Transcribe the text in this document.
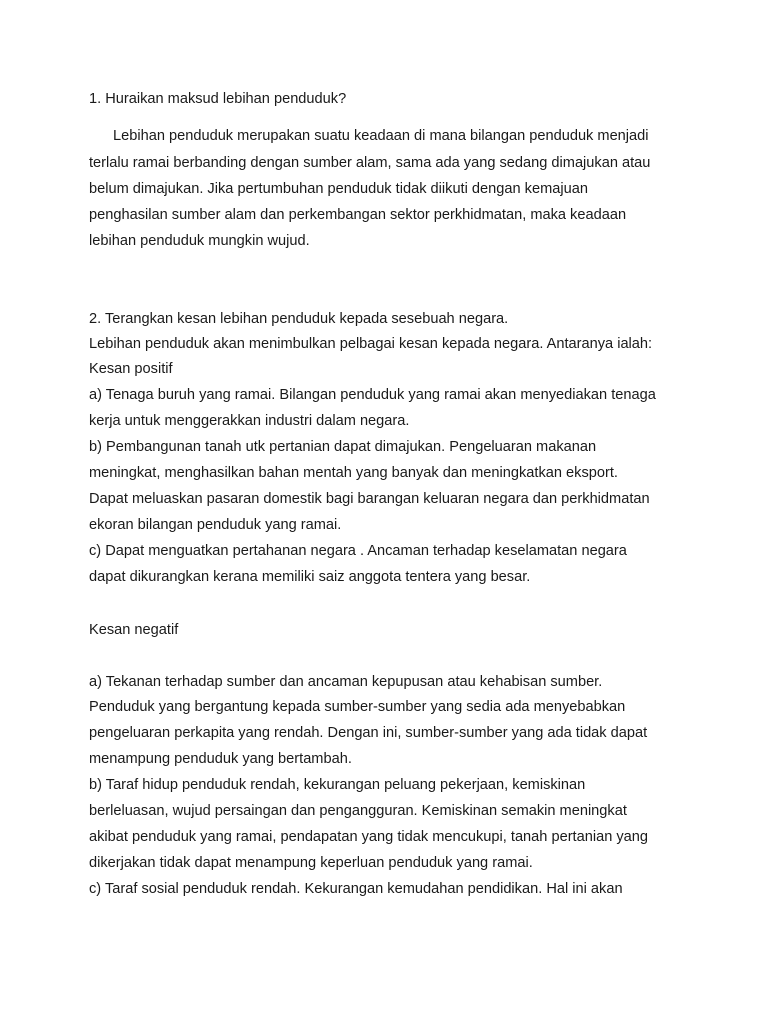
1. Huraikan maksud lebihan penduduk?
Lebihan penduduk merupakan suatu keadaan di mana bilangan penduduk menjadi
terlalu ramai berbanding dengan sumber alam, sama ada yang sedang dimajukan atau
belum dimajukan. Jika pertumbuhan penduduk tidak diikuti dengan kemajuan
penghasilan sumber alam dan perkembangan sektor perkhidmatan, maka keadaan
lebihan penduduk mungkin wujud.
2. Terangkan kesan lebihan penduduk kepada sesebuah negara.
Lebihan penduduk akan menimbulkan pelbagai kesan kepada negara. Antaranya ialah:
Kesan positif
a) Tenaga buruh yang ramai. Bilangan penduduk yang ramai akan menyediakan tenaga
kerja untuk menggerakkan industri dalam negara.
b) Pembangunan tanah utk pertanian dapat dimajukan. Pengeluaran makanan
meningkat, menghasilkan bahan mentah yang banyak dan meningkatkan eksport.
Dapat meluaskan pasaran domestik bagi barangan keluaran negara dan perkhidmatan
ekoran bilangan penduduk yang ramai.
c) Dapat menguatkan pertahanan negara . Ancaman terhadap keselamatan negara
dapat dikurangkan kerana memiliki saiz anggota tentera yang besar.
Kesan negatif
a) Tekanan terhadap sumber dan ancaman kepupusan atau kehabisan sumber.
Penduduk yang bergantung kepada sumber-sumber yang sedia ada menyebabkan
pengeluaran perkapita yang rendah. Dengan ini, sumber-sumber yang ada tidak dapat
menampung penduduk yang bertambah.
b) Taraf hidup penduduk rendah, kekurangan peluang pekerjaan, kemiskinan
berleluasan, wujud persaingan dan pengangguran. Kemiskinan semakin meningkat
akibat penduduk yang ramai, pendapatan yang tidak mencukupi, tanah pertanian yang
dikerjakan tidak dapat menampung keperluan penduduk yang ramai.
c) Taraf sosial penduduk rendah. Kekurangan kemudahan pendidikan. Hal ini akan
